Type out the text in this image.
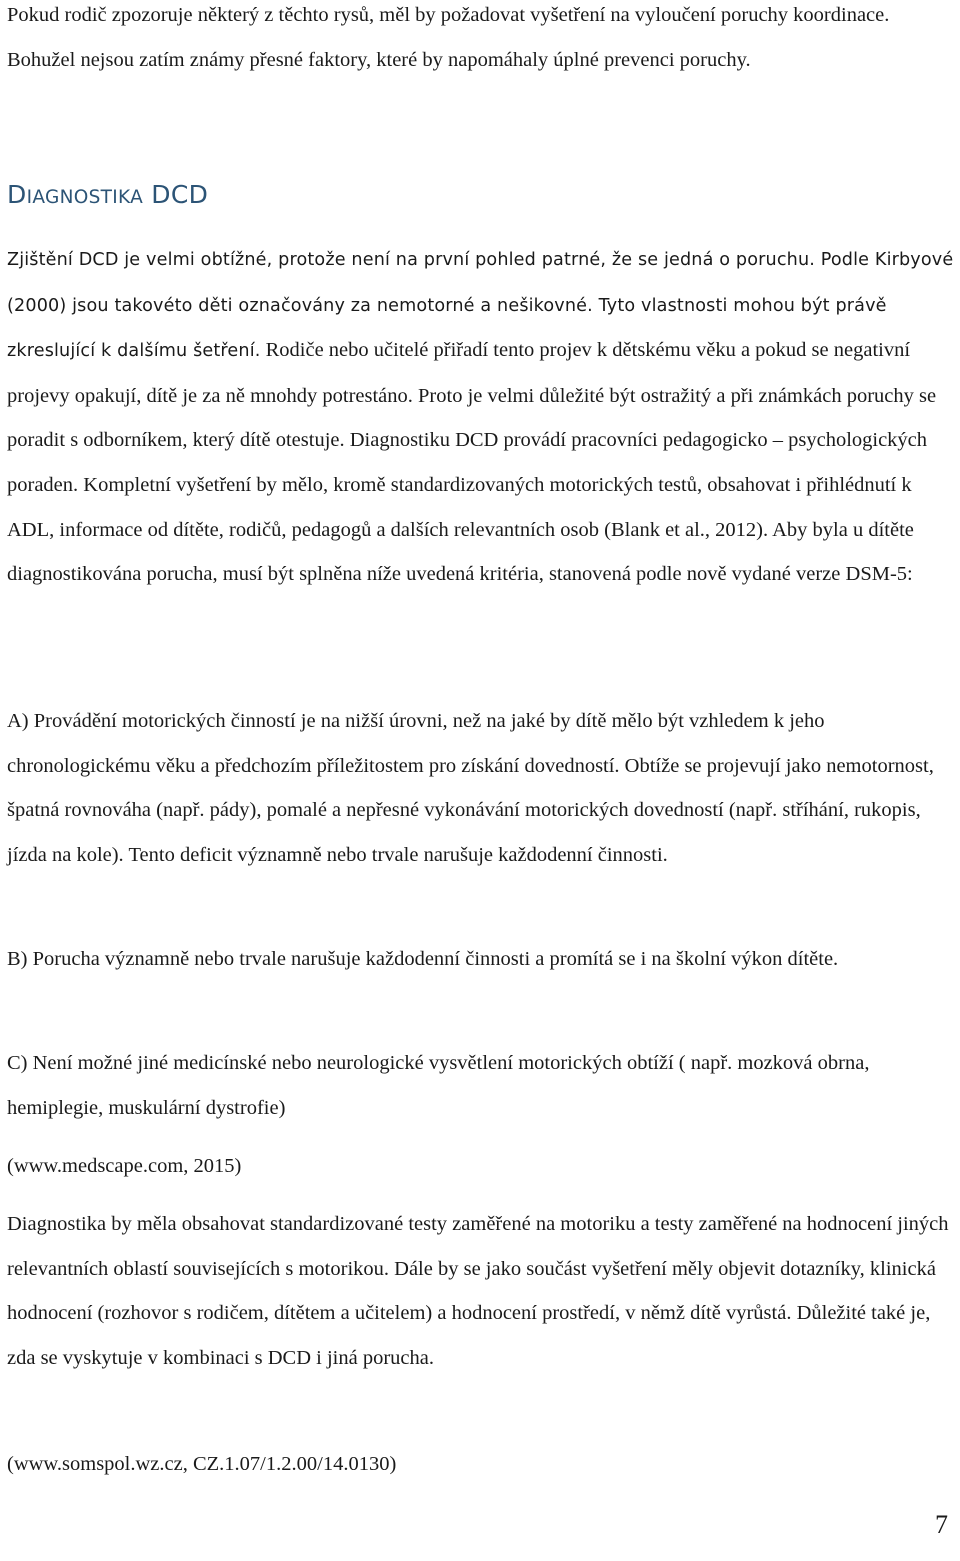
Pokud rodič zpozoruje některý z těchto rysů, měl by požadovat vyšetření na vyloučení poruchy koordinace. Bohužel nejsou zatím známy přesné faktory, které by napomáhaly úplné prevenci poruchy.

DIAGNOSTIKA DCD

Zjištění DCD je velmi obtížné, protože není na první pohled patrné, že se jedná o poruchu. Podle Kirbyové (2000) jsou takovéto děti označovány za nemotorné a nešikovné. Tyto vlastnosti mohou být právě zkreslující k dalšímu šetření. Rodiče nebo učitelé přiřadí tento projev k dětskému věku a pokud se negativní projevy opakují, dítě je za ně mnohdy potrestáno. Proto je velmi důležité být ostražitý a při známkách poruchy se poradit s odborníkem, který dítě otestuje. Diagnostiku DCD provádí pracovníci pedagogicko – psychologických poraden. Kompletní vyšetření by mělo, kromě standardizovaných motorických testů, obsahovat i přihlédnutí k ADL, informace od dítěte, rodičů, pedagogů a dalších relevantních osob (Blank et al., 2012). Aby byla u dítěte diagnostikována porucha, musí být splněna níže uvedená kritéria, stanovená podle nově vydané verze DSM-5:

A) Provádění motorických činností je na nižší úrovni, než na jaké by dítě mělo být vzhledem k jeho chronologickému věku a předchozím příležitostem pro získání dovedností. Obtíže se projevují jako nemotornost, špatná rovnováha (např. pády), pomalé a nepřesné vykonávání motorických dovedností (např. stříhání, rukopis, jízda na kole). Tento deficit významně nebo trvale narušuje každodenní činnosti.

B) Porucha významně nebo trvale narušuje každodenní činnosti a promítá se i na školní výkon dítěte.

C) Není možné jiné medicínské nebo neurologické vysvětlení motorických obtíží ( např. mozková obrna, hemiplegie, muskulární dystrofie)

(www.medscape.com, 2015)

Diagnostika by měla obsahovat standardizované testy zaměřené na motoriku a testy zaměřené na hodnocení jiných relevantních oblastí souvisejících s motorikou. Dále by se jako součást vyšetření měly objevit dotazníky, klinická hodnocení (rozhovor s rodičem, dítětem a učitelem) a hodnocení prostředí, v němž dítě vyrůstá. Důležité také je, zda se vyskytuje v kombinaci s DCD i jiná porucha.

(www.somspol.wz.cz, CZ.1.07/1.2.00/14.0130)

7
